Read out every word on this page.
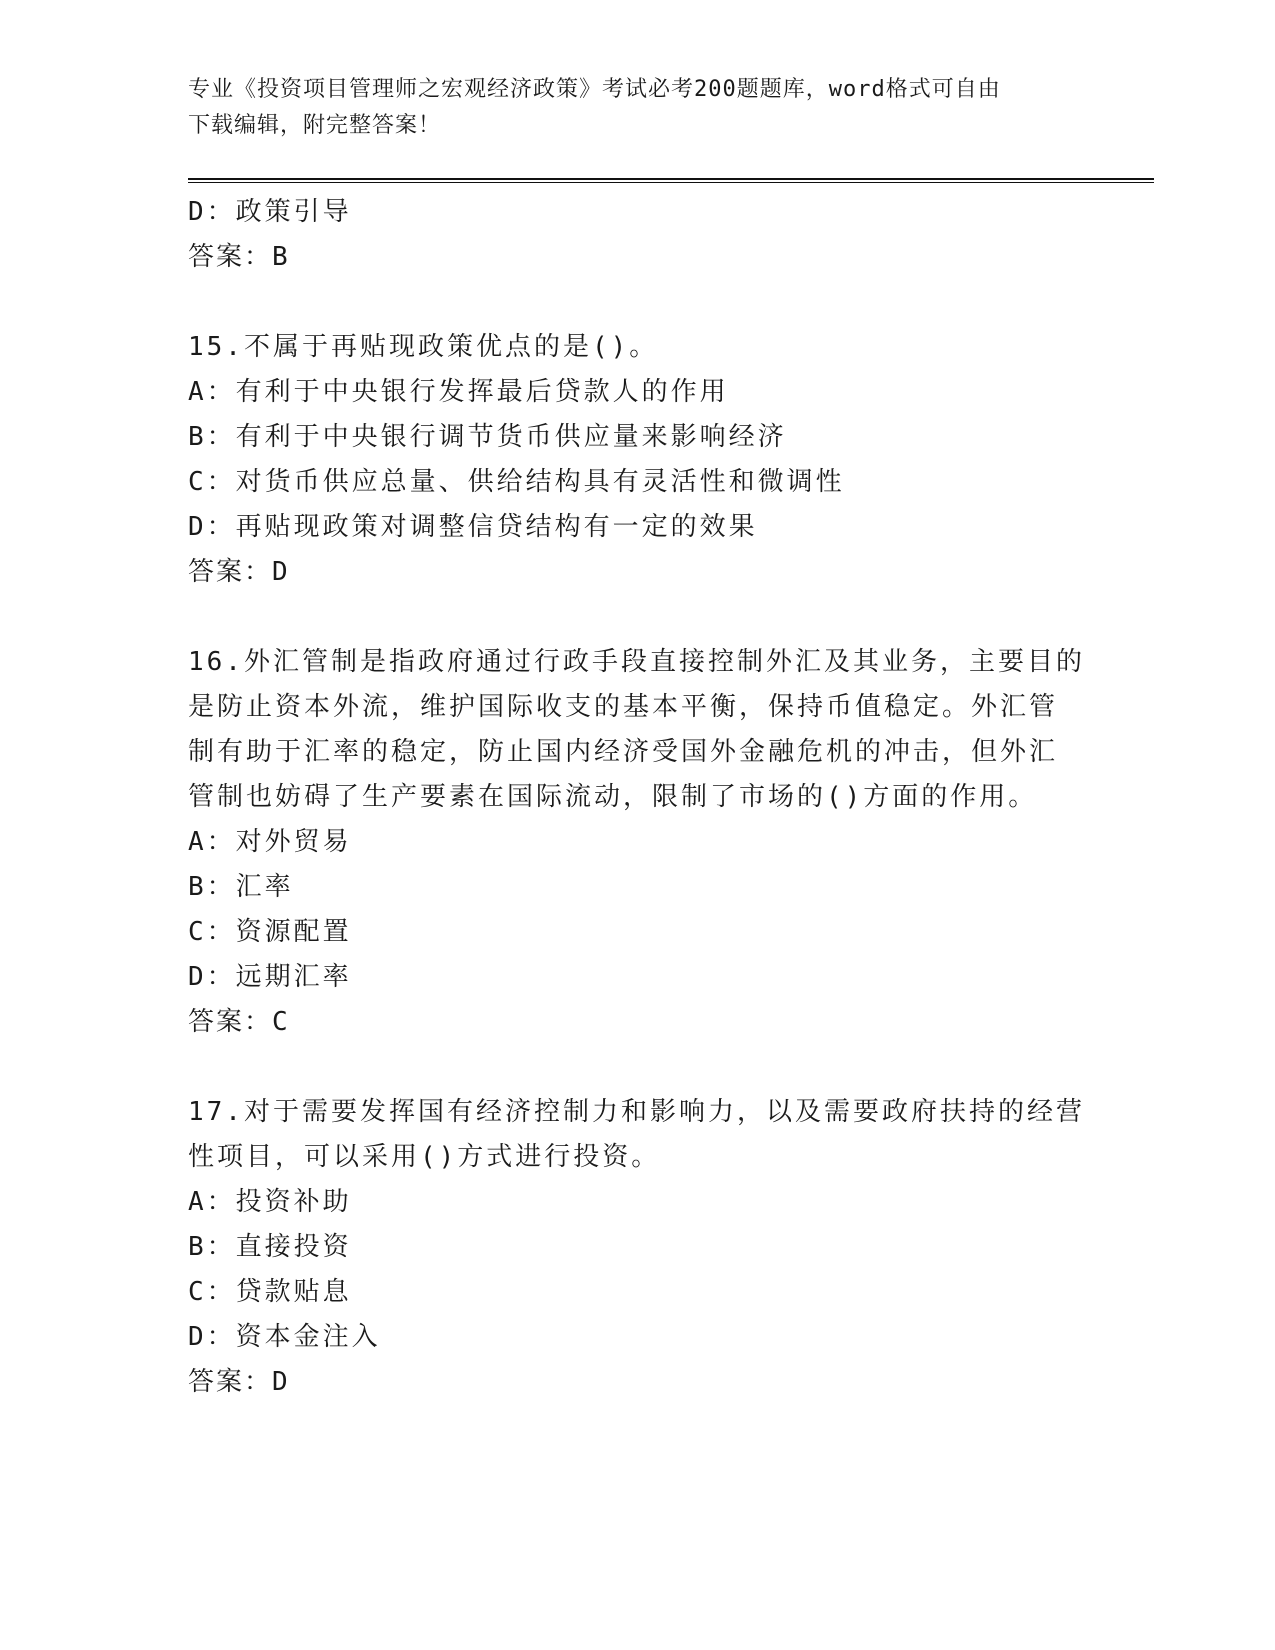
专业《投资项目管理师之宏观经济政策》考试必考200题题库，word格式可自由
下载编辑，附完整答案！
D：政策引导
答案：B
15.不属于再贴现政策优点的是()。
A：有利于中央银行发挥最后贷款人的作用
B：有利于中央银行调节货币供应量来影响经济
C：对货币供应总量、供给结构具有灵活性和微调性
D：再贴现政策对调整信贷结构有一定的效果
答案：D
16.外汇管制是指政府通过行政手段直接控制外汇及其业务，主要目的
是防止资本外流，维护国际收支的基本平衡，保持币值稳定。外汇管
制有助于汇率的稳定，防止国内经济受国外金融危机的冲击，但外汇
管制也妨碍了生产要素在国际流动，限制了市场的()方面的作用。
A：对外贸易
B：汇率
C：资源配置
D：远期汇率
答案：C
17.对于需要发挥国有经济控制力和影响力，以及需要政府扶持的经营
性项目，可以采用()方式进行投资。
A：投资补助
B：直接投资
C：贷款贴息
D：资本金注入
答案：D
